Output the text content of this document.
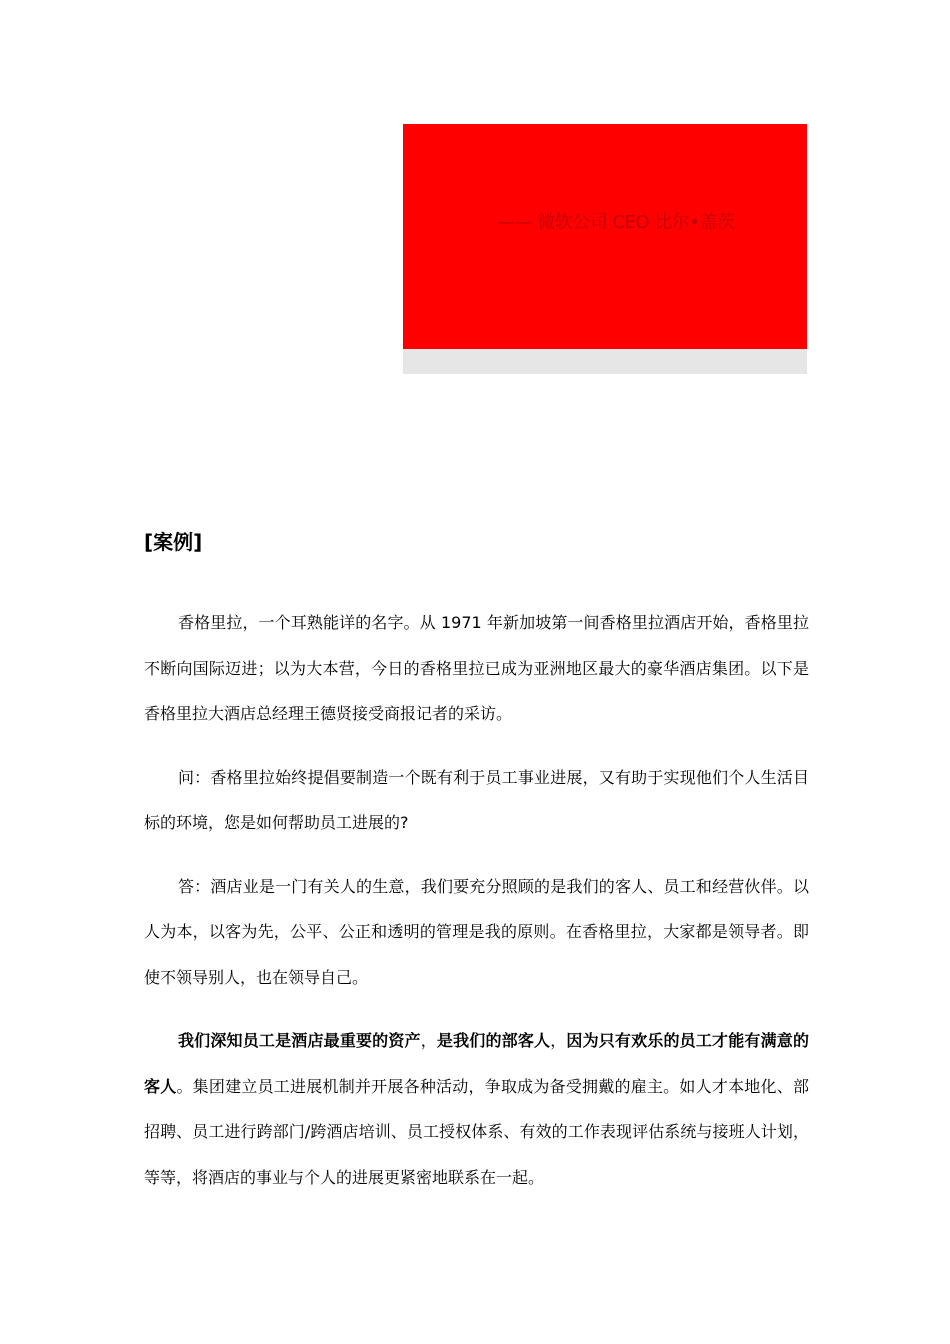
—— 微软公司 CEO 比尔•盖茨
[案例]

香格里拉，一个耳熟能详的名字。从 1971 年新加坡第一间香格里拉酒店开始，香格里拉不断向国际迈进；以为大本营，今日的香格里拉已成为亚洲地区最大的豪华酒店集团。以下是香格里拉大酒店总经理王德贤接受商报记者的采访。

问：香格里拉始终提倡要制造一个既有利于员工事业进展，又有助于实现他们个人生活目标的环境，您是如何帮助员工进展的?

答：酒店业是一门有关人的生意，我们要充分照顾的是我们的客人、员工和经营伙伴。以人为本，以客为先，公平、公正和透明的管理是我的原则。在香格里拉，大家都是领导者。即使不领导别人，也在领导自己。

我们深知员工是酒店最重要的资产，是我们的部客人，因为只有欢乐的员工才能有满意的客人。集团建立员工进展机制并开展各种活动，争取成为备受拥戴的雇主。如人才本地化、部招聘、员工进行跨部门/跨酒店培训、员工授权体系、有效的工作表现评估系统与接班人计划，等等，将酒店的事业与个人的进展更紧密地联系在一起。
